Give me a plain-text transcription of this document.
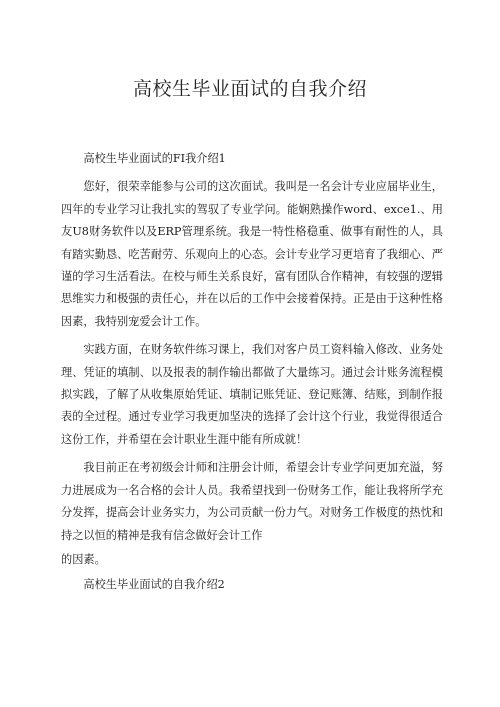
高校生毕业面试的自我介绍

高校生毕业面试的FI我介绍1

您好，很荣幸能参与公司的这次面试。我叫是一名会计专业应届毕业生，四年的专业学习让我扎实的驾驭了专业学问。能娴熟操作word、exce1.、用友U8财务软件以及ERP管理系统。我是一特性格稳重、做事有耐性的人，具有踏实勤恳、吃苦耐劳、乐观向上的心态。会计专业学习更培育了我细心、严谨的学习生活看法。在校与师生关系良好，富有团队合作精神，有较强的逻辑思维实力和极强的责任心，并在以后的工作中会接着保持。正是由于这种性格因素，我特别宠爱会计工作。

实践方面，在财务软件练习课上，我们对客户员工资料输入修改、业务处理、凭证的填制、以及报表的制作输出都做了大量练习。通过会计账务流程模拟实践，了解了从收集原始凭证、填制记账凭证、登记账簿、结账，到制作报表的全过程。通过专业学习我更加坚决的选择了会计这个行业，我觉得很适合这份工作，并希望在会计职业生涯中能有所成就！

我目前正在考初级会计师和注册会计师，希望会计专业学问更加充溢，努力进展成为一名合格的会计人员。我希望找到一份财务工作，能让我将所学充分发挥，提高会计业务实力，为公司贡献一份力气。对财务工作极度的热忱和持之以恒的精神是我有信念做好会计工作

的因素。

高校生毕业面试的自我介绍2
